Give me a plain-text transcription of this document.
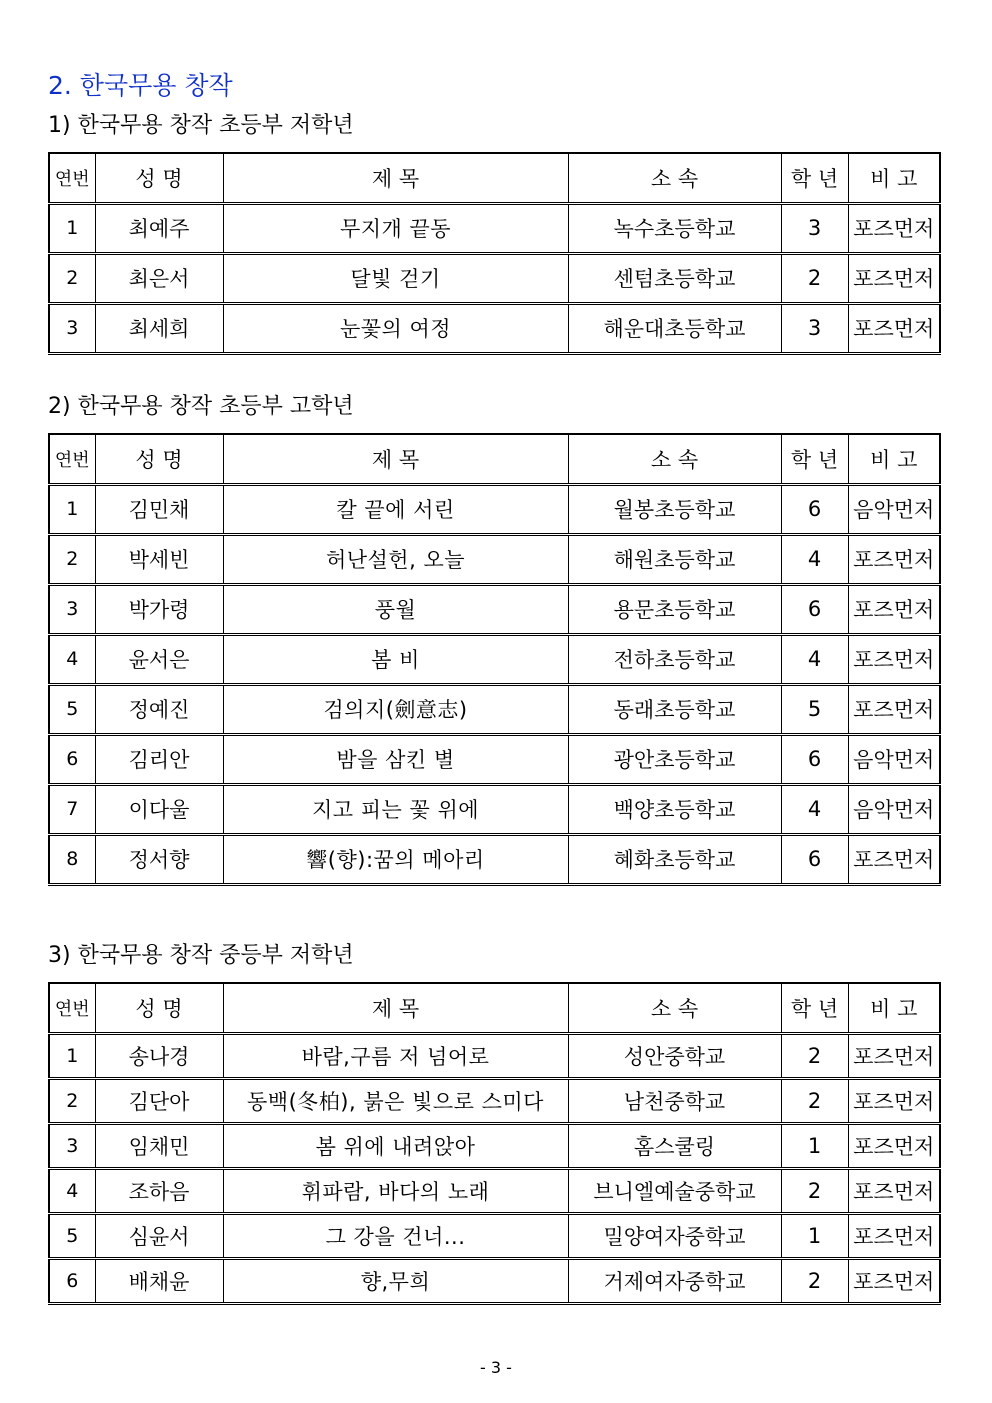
2. 한국무용 창작
1) 한국무용 창작 초등부 저학년
연번	성 명	제 목	소 속	학 년	비 고
1	최예주	무지개 끝동	녹수초등학교	3	포즈먼저
2	최은서	달빛 걷기	센텀초등학교	2	포즈먼저
3	최세희	눈꽃의 여정	해운대초등학교	3	포즈먼저
2) 한국무용 창작 초등부 고학년
연번	성 명	제 목	소 속	학 년	비 고
1	김민채	칼 끝에 서린	월봉초등학교	6	음악먼저
2	박세빈	허난설헌, 오늘	해원초등학교	4	포즈먼저
3	박가령	풍월	용문초등학교	6	포즈먼저
4	윤서은	봄 비	전하초등학교	4	포즈먼저
5	정예진	검의지(劍意志)	동래초등학교	5	포즈먼저
6	김리안	밤을 삼킨 별	광안초등학교	6	음악먼저
7	이다울	지고 피는 꽃 위에	백양초등학교	4	음악먼저
8	정서향	響(향):꿈의 메아리	혜화초등학교	6	포즈먼저
3) 한국무용 창작 중등부 저학년
연번	성 명	제 목	소 속	학 년	비 고
1	송나경	바람,구름 저 넘어로	성안중학교	2	포즈먼저
2	김단아	동백(冬柏), 붉은 빛으로 스미다	남천중학교	2	포즈먼저
3	임채민	봄 위에 내려앉아	홈스쿨링	1	포즈먼저
4	조하음	휘파람, 바다의 노래	브니엘예술중학교	2	포즈먼저
5	심윤서	그 강을 건너...	밀양여자중학교	1	포즈먼저
6	배채윤	향,무희	거제여자중학교	2	포즈먼저
- 3 -
